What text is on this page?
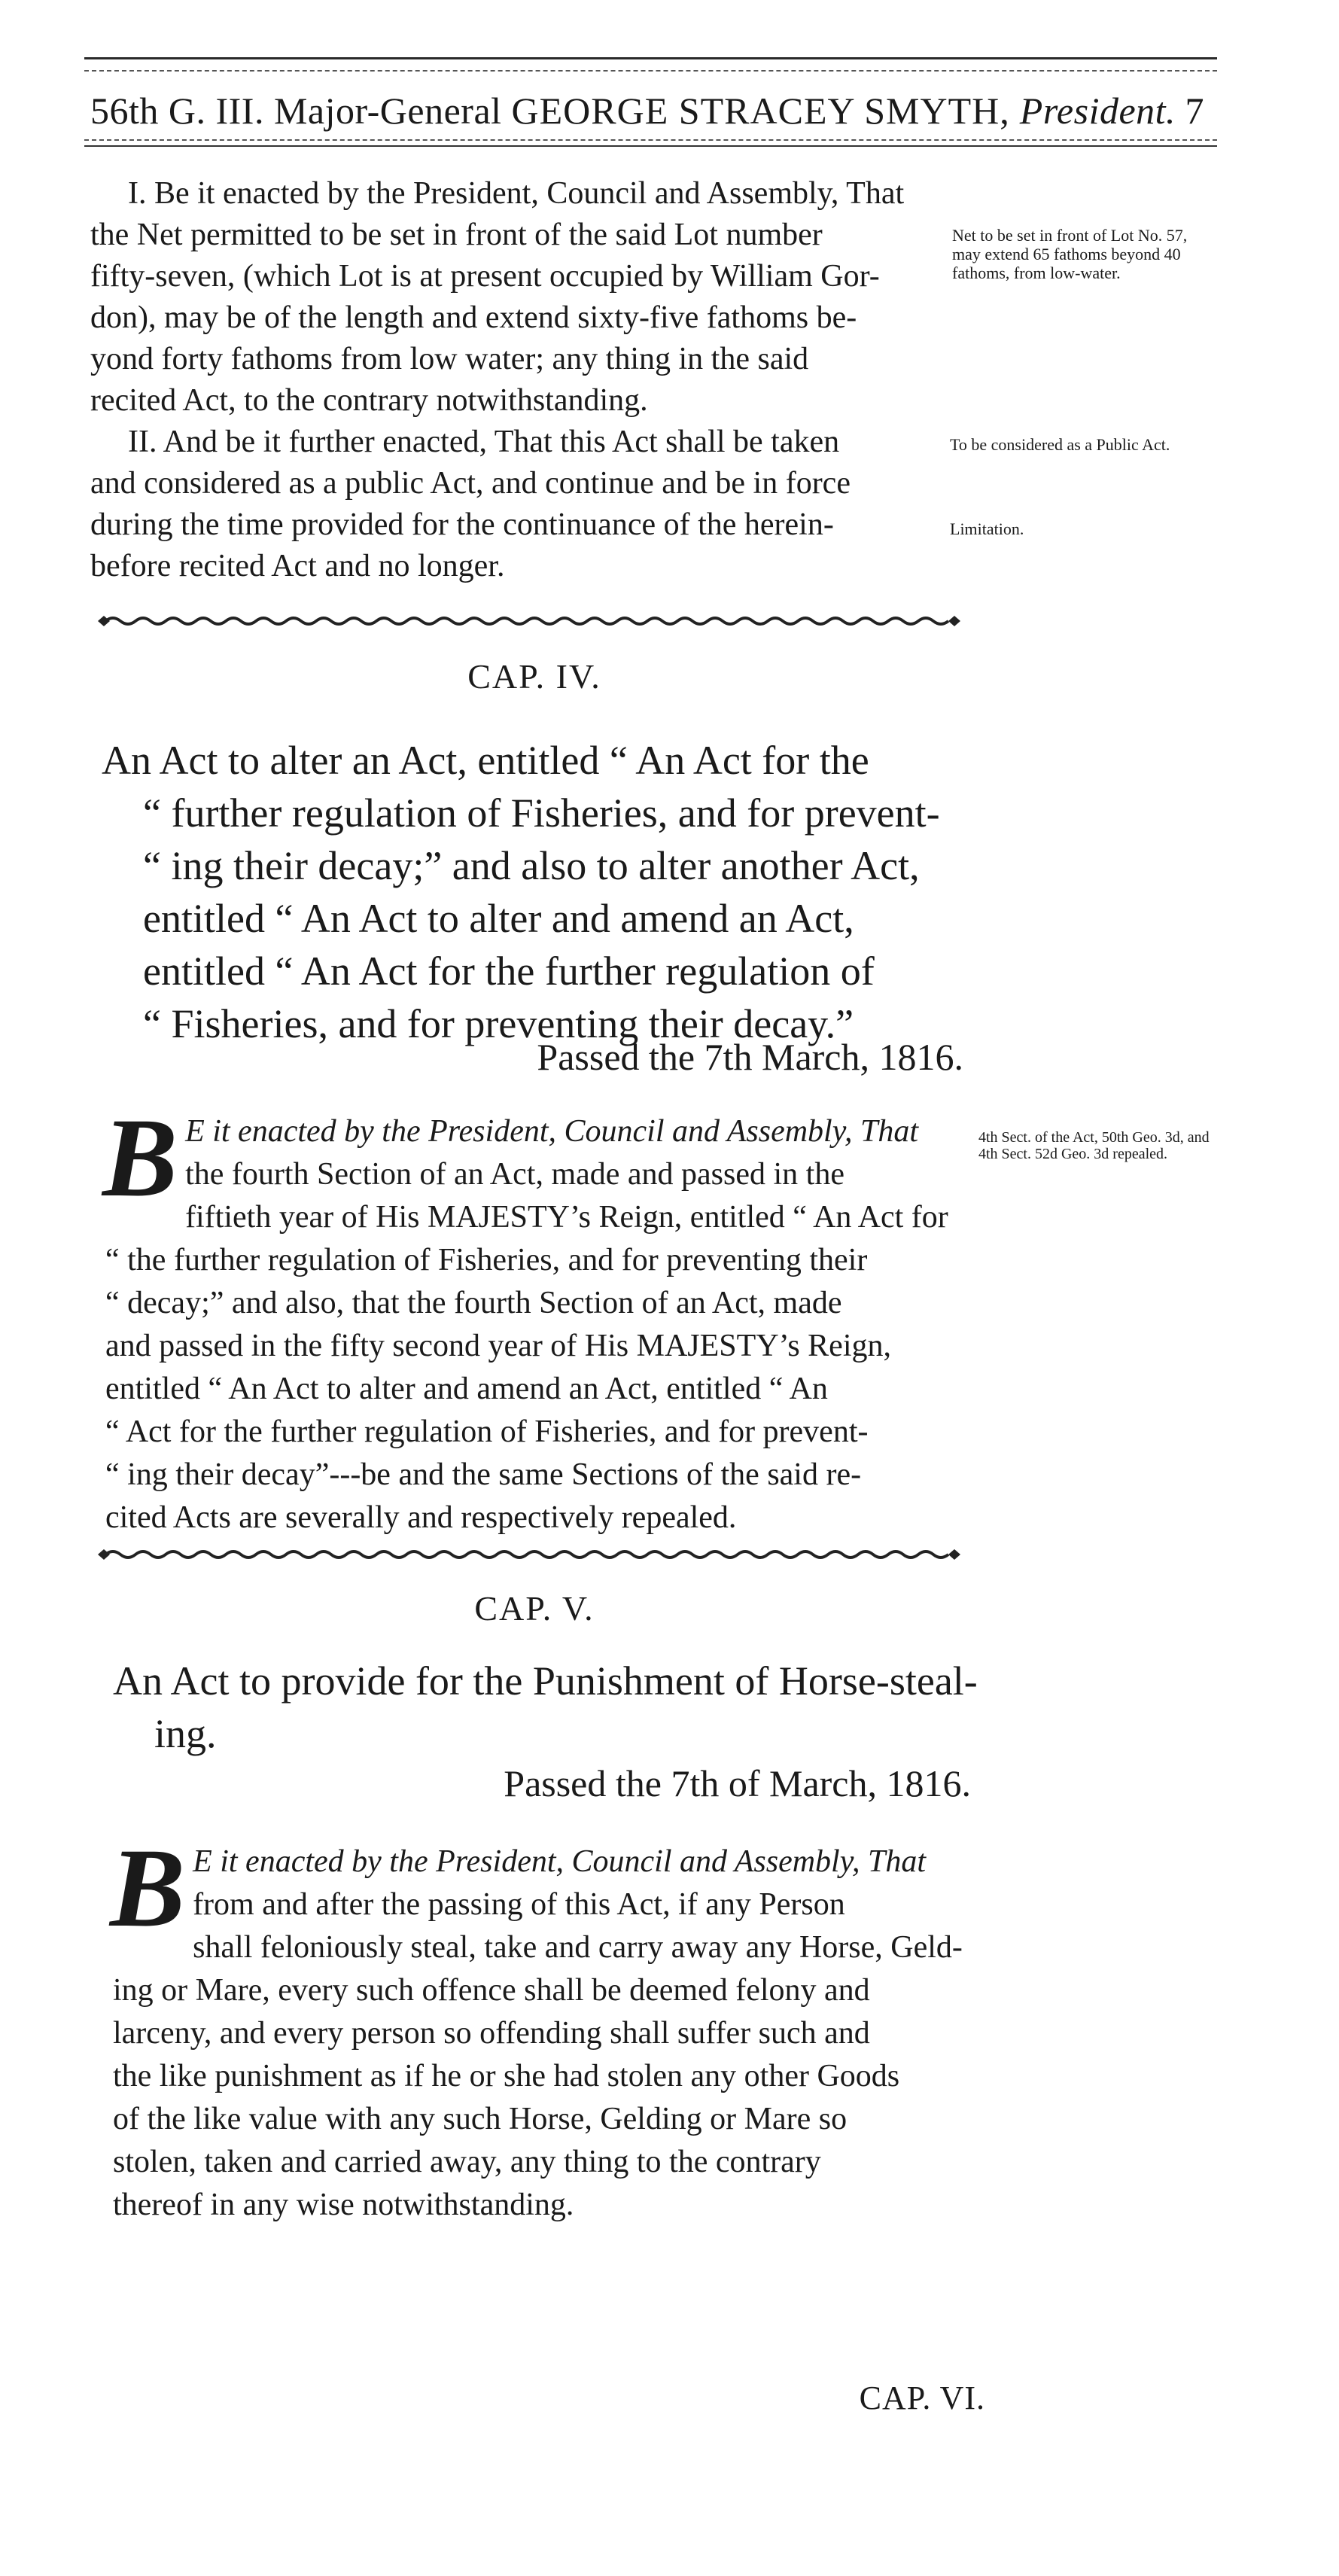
56th G. III. Major-General GEORGE STRACEY SMYTH, President. 7
I. Be it enacted by the President, Council and Assembly, That
the Net permitted to be set in front of the said Lot number
fifty-seven, (which Lot is at present occupied by William Gor-
don), may be of the length and extend sixty-five fathoms be-
yond forty fathoms from low water; any thing in the said
recited Act, to the contrary notwithstanding.
Net to be set in front of Lot No. 57, may extend 65 fathoms beyond 40 fathoms, from low-water.
II. And be it further enacted, That this Act shall be taken
and considered as a public Act, and continue and be in force
during the time provided for the continuance of the herein-
before recited Act and no longer.
To be considered as a Public Act.
Limitation.
CAP. IV.
An Act to alter an Act, entitled “ An Act for the
“ further regulation of Fisheries, and for prevent-
“ ing their decay;” and also to alter another Act,
entitled “ An Act to alter and amend an Act,
entitled “ An Act for the further regulation of
“ Fisheries, and for preventing their decay.”
Passed the 7th March, 1816.
B E it enacted by the President, Council and Assembly, That
the fourth Section of an Act, made and passed in the
fiftieth year of His MAJESTY’s Reign, entitled “ An Act for
“ the further regulation of Fisheries, and for preventing their
“ decay;” and also, that the fourth Section of an Act, made
and passed in the fifty second year of His MAJESTY’s Reign,
entitled “ An Act to alter and amend an Act, entitled “ An
“ Act for the further regulation of Fisheries, and for prevent-
“ ing their decay”---be and the same Sections of the said re-
cited Acts are severally and respectively repealed.
4th Sect. of the Act, 50th Geo. 3d, and 4th Sect. 52d Geo. 3d repealed.
CAP. V.
An Act to provide for the Punishment of Horse-steal-
ing.
Passed the 7th of March, 1816.
B E it enacted by the President, Council and Assembly, That
from and after the passing of this Act, if any Person
shall feloniously steal, take and carry away any Horse, Geld-
ing or Mare, every such offence shall be deemed felony and
larceny, and every person so offending shall suffer such and
the like punishment as if he or she had stolen any other Goods
of the like value with any such Horse, Gelding or Mare so
stolen, taken and carried away, any thing to the contrary
thereof in any wise notwithstanding.
CAP. VI.
